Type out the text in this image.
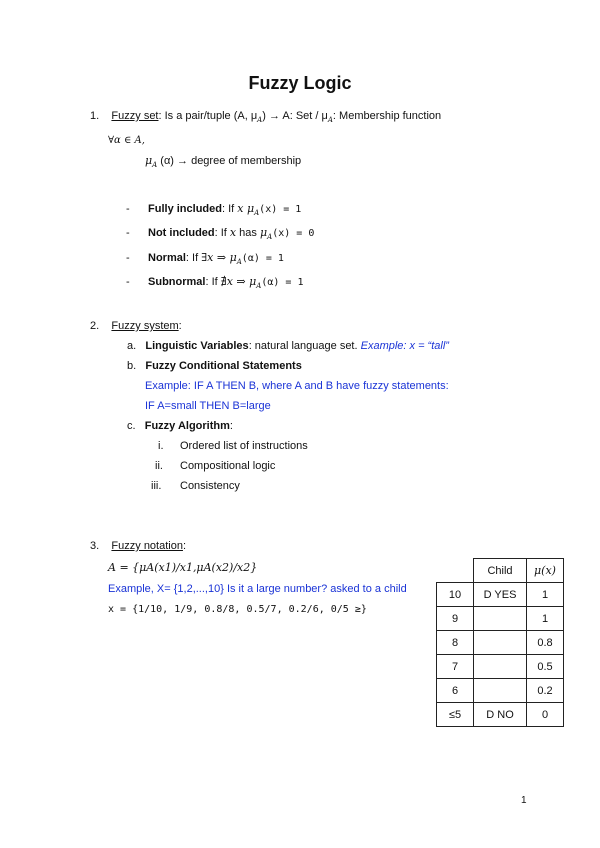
Fuzzy Logic
1. Fuzzy set: Is a pair/tuple (A, $\mu_A) \to A$: Set / $\mu_A$: Membership function
∀α ∈ A,
$\mu_A$ (α) → degree of membership
- Fully included: If x $\mu_A(x) = 1$
- Not included: If x has $\mu_A(x) = 0$
- Normal: If ∃x ⇒ $\mu_A(\alpha) = 1$
- Subnormal: If ∄x ⇒ $\mu_A(\alpha) = 1$
2. Fuzzy system:
a. Linguistic Variables: natural language set. Example: x = “tall”
b. Fuzzy Conditional Statements
Example: IF A THEN B, where A and B have fuzzy statements:
IF A=small THEN B=large
c. Fuzzy Algorithm:
i. Ordered list of instructions
ii. Compositional logic
iii. Consistency
3. Fuzzy notation:
A = {μA(x1)/x1,μA(x2)/x2}
Example, X= {1,2,...,10} Is it a large number? asked to a child
x = {1/10, 1/9, 0.8/8, 0.5/7, 0.2/6, 0/5 ≥}
	Child	μ(x)
10	D YES	1
9		1
8		0.8
7		0.5
6		0.2
≤5	D NO	0
1
